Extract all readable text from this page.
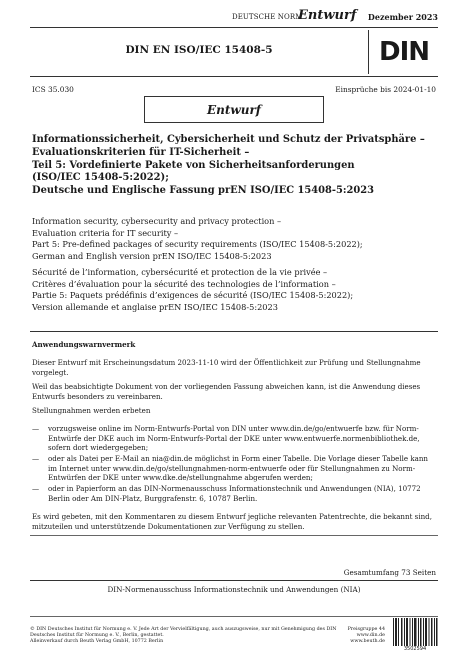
DEUTSCHE NORM
Entwurf Dezember 2023
DIN EN ISO/IEC 15408-5	DIN
ICS 35.030	Einsprüche bis 2024-01-10
Entwurf
Informationssicherheit, Cybersicherheit und Schutz der Privatsphäre –
Evaluationskriterien für IT-Sicherheit –
Teil 5: Vordefinierte Pakete von Sicherheitsanforderungen
(ISO/IEC 15408-5:2022);
Deutsche und Englische Fassung prEN ISO/IEC 15408-5:2023
Information security, cybersecurity and privacy protection –
Evaluation criteria for IT security –
Part 5: Pre-defined packages of security requirements (ISO/IEC 15408-5:2022);
German and English version prEN ISO/IEC 15408-5:2023
Sécurité de l’information, cybersécurité et protection de la vie privée –
Critères d’évaluation pour la sécurité des technologies de l’information –
Partie 5: Paquets prédéfinis d’exigences de sécurité (ISO/IEC 15408-5:2022);
Version allemande et anglaise prEN ISO/IEC 15408-5:2023
Anwendungswarnvermerk
Dieser Entwurf mit Erscheinungsdatum 2023-11-10 wird der Öffentlichkeit zur Prüfung und Stellungnahme vorgelegt.
Weil das beabsichtigte Dokument von der vorliegenden Fassung abweichen kann, ist die Anwendung dieses Entwurfs besonders zu vereinbaren.
Stellungnahmen werden erbeten
—	vorzugsweise online im Norm-Entwurfs-Portal von DIN unter www.din.de/go/entwuerfe bzw. für Norm-Entwürfe der DKE auch im Norm-Entwurfs-Portal der DKE unter www.entwuerfe.normenbibliothek.de, sofern dort wiedergegeben;
—	oder als Datei per E-Mail an nia@din.de möglichst in Form einer Tabelle. Die Vorlage dieser Tabelle kann im Internet unter www.din.de/go/stellungnahmen-norm-entwuerfe oder für Stellungnahmen zu Norm-Entwürfen der DKE unter www.dke.de/stellungnahme abgerufen werden;
—	oder in Papierform an das DIN-Normenausschuss Informationstechnik und Anwendungen (NIA), 10772 Berlin oder Am DIN-Platz, Burggrafenstr. 6, 10787 Berlin.
Es wird gebeten, mit den Kommentaren zu diesem Entwurf jegliche relevanten Patentrechte, die bekannt sind, mitzuteilen und unterstützende Dokumentationen zur Verfügung zu stellen.
Gesamtumfang 73 Seiten
DIN-Normenausschuss Informationstechnik und Anwendungen (NIA)
© DIN Deutsches Institut für Normung e. V. Jede Art der Vervielfältigung, auch auszugsweise, nur mit Genehmigung des DIN Deutsches Institut für Normung e. V., Berlin, gestattet.
Alleinverkauf durch Beuth Verlag GmbH, 10772 Berlin
Preisgruppe 44
www.din.de
www.beuth.de
3502594
